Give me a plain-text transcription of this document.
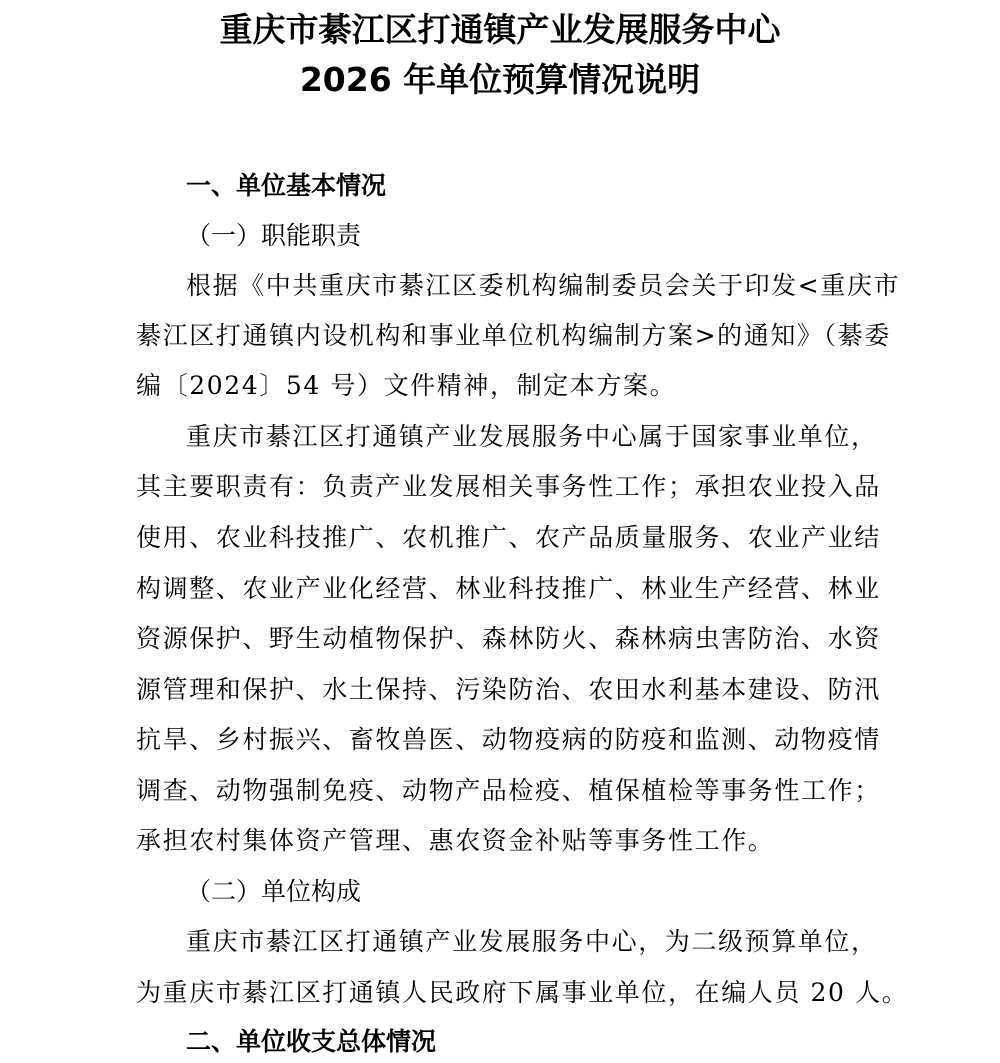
重庆市綦江区打通镇产业发展服务中心
2026 年单位预算情况说明
一、单位基本情况
（一）职能职责
根据《中共重庆市綦江区委机构编制委员会关于印发<重庆市
綦江区打通镇内设机构和事业单位机构编制方案>的通知》（綦委
编〔2024〕54 号）文件精神，制定本方案。
重庆市綦江区打通镇产业发展服务中心属于国家事业单位，
其主要职责有：负责产业发展相关事务性工作；承担农业投入品
使用、农业科技推广、农机推广、农产品质量服务、农业产业结
构调整、农业产业化经营、林业科技推广、林业生产经营、林业
资源保护、野生动植物保护、森林防火、森林病虫害防治、水资
源管理和保护、水土保持、污染防治、农田水利基本建设、防汛
抗旱、乡村振兴、畜牧兽医、动物疫病的防疫和监测、动物疫情
调查、动物强制免疫、动物产品检疫、植保植检等事务性工作；
承担农村集体资产管理、惠农资金补贴等事务性工作。
（二）单位构成
重庆市綦江区打通镇产业发展服务中心，为二级预算单位，
为重庆市綦江区打通镇人民政府下属事业单位，在编人员 20 人。
二、单位收支总体情况
